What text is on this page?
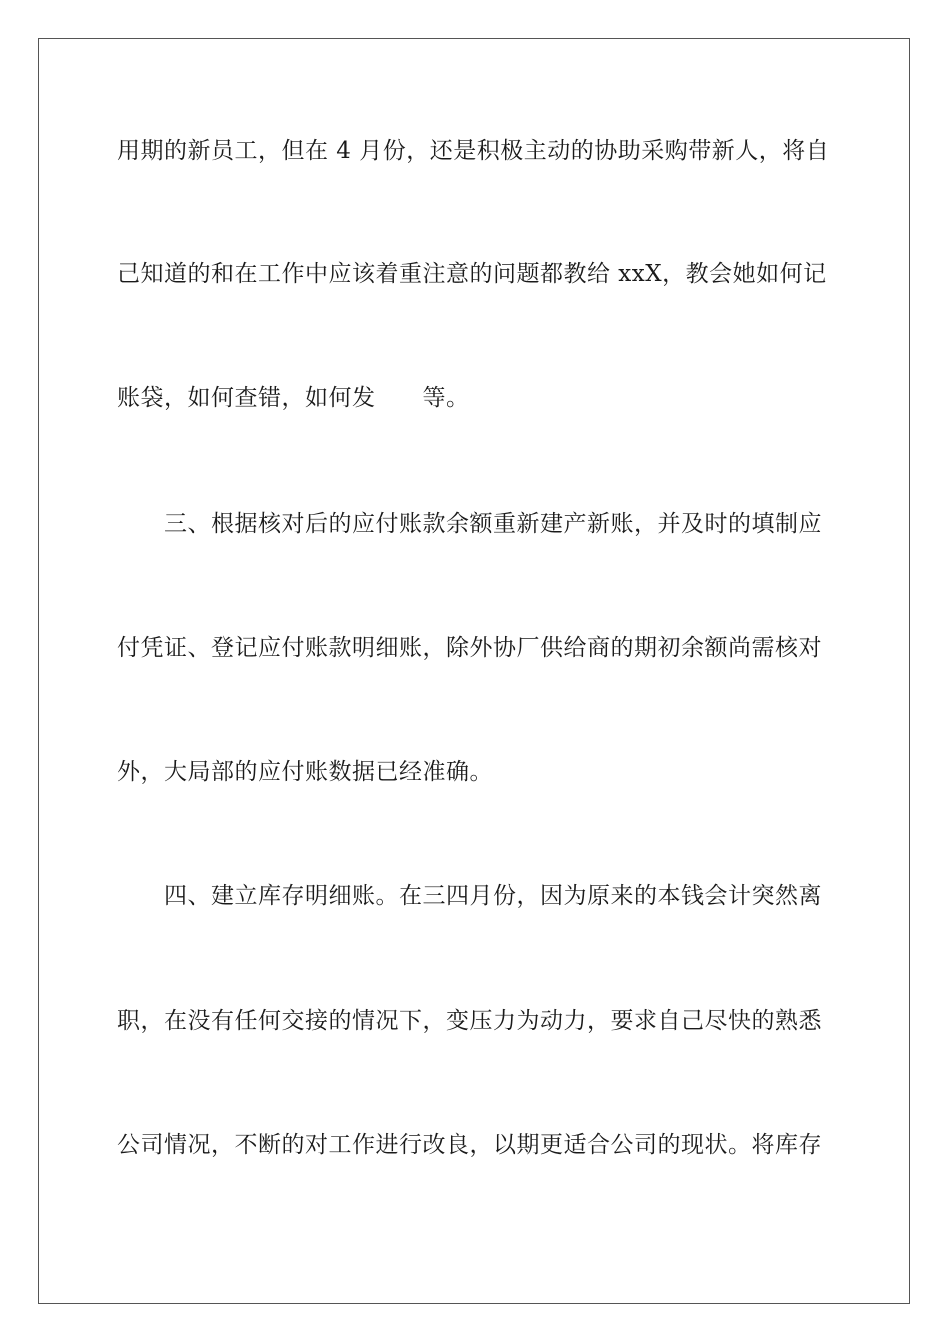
用期的新员工，但在 4 月份，还是积极主动的协助采购带新人，将自
己知道的和在工作中应该着重注意的问题都教给 xxX，教会她如何记
账袋，如何查错，如何发　　等。
三、根据核对后的应付账款余额重新建产新账，并及时的填制应
付凭证、登记应付账款明细账，除外协厂供给商的期初余额尚需核对
外，大局部的应付账数据已经准确。
四、建立库存明细账。在三四月份，因为原来的本钱会计突然离
职，在没有任何交接的情况下，变压力为动力，要求自己尽快的熟悉
公司情况，不断的对工作进行改良，以期更适合公司的现状。将库存
